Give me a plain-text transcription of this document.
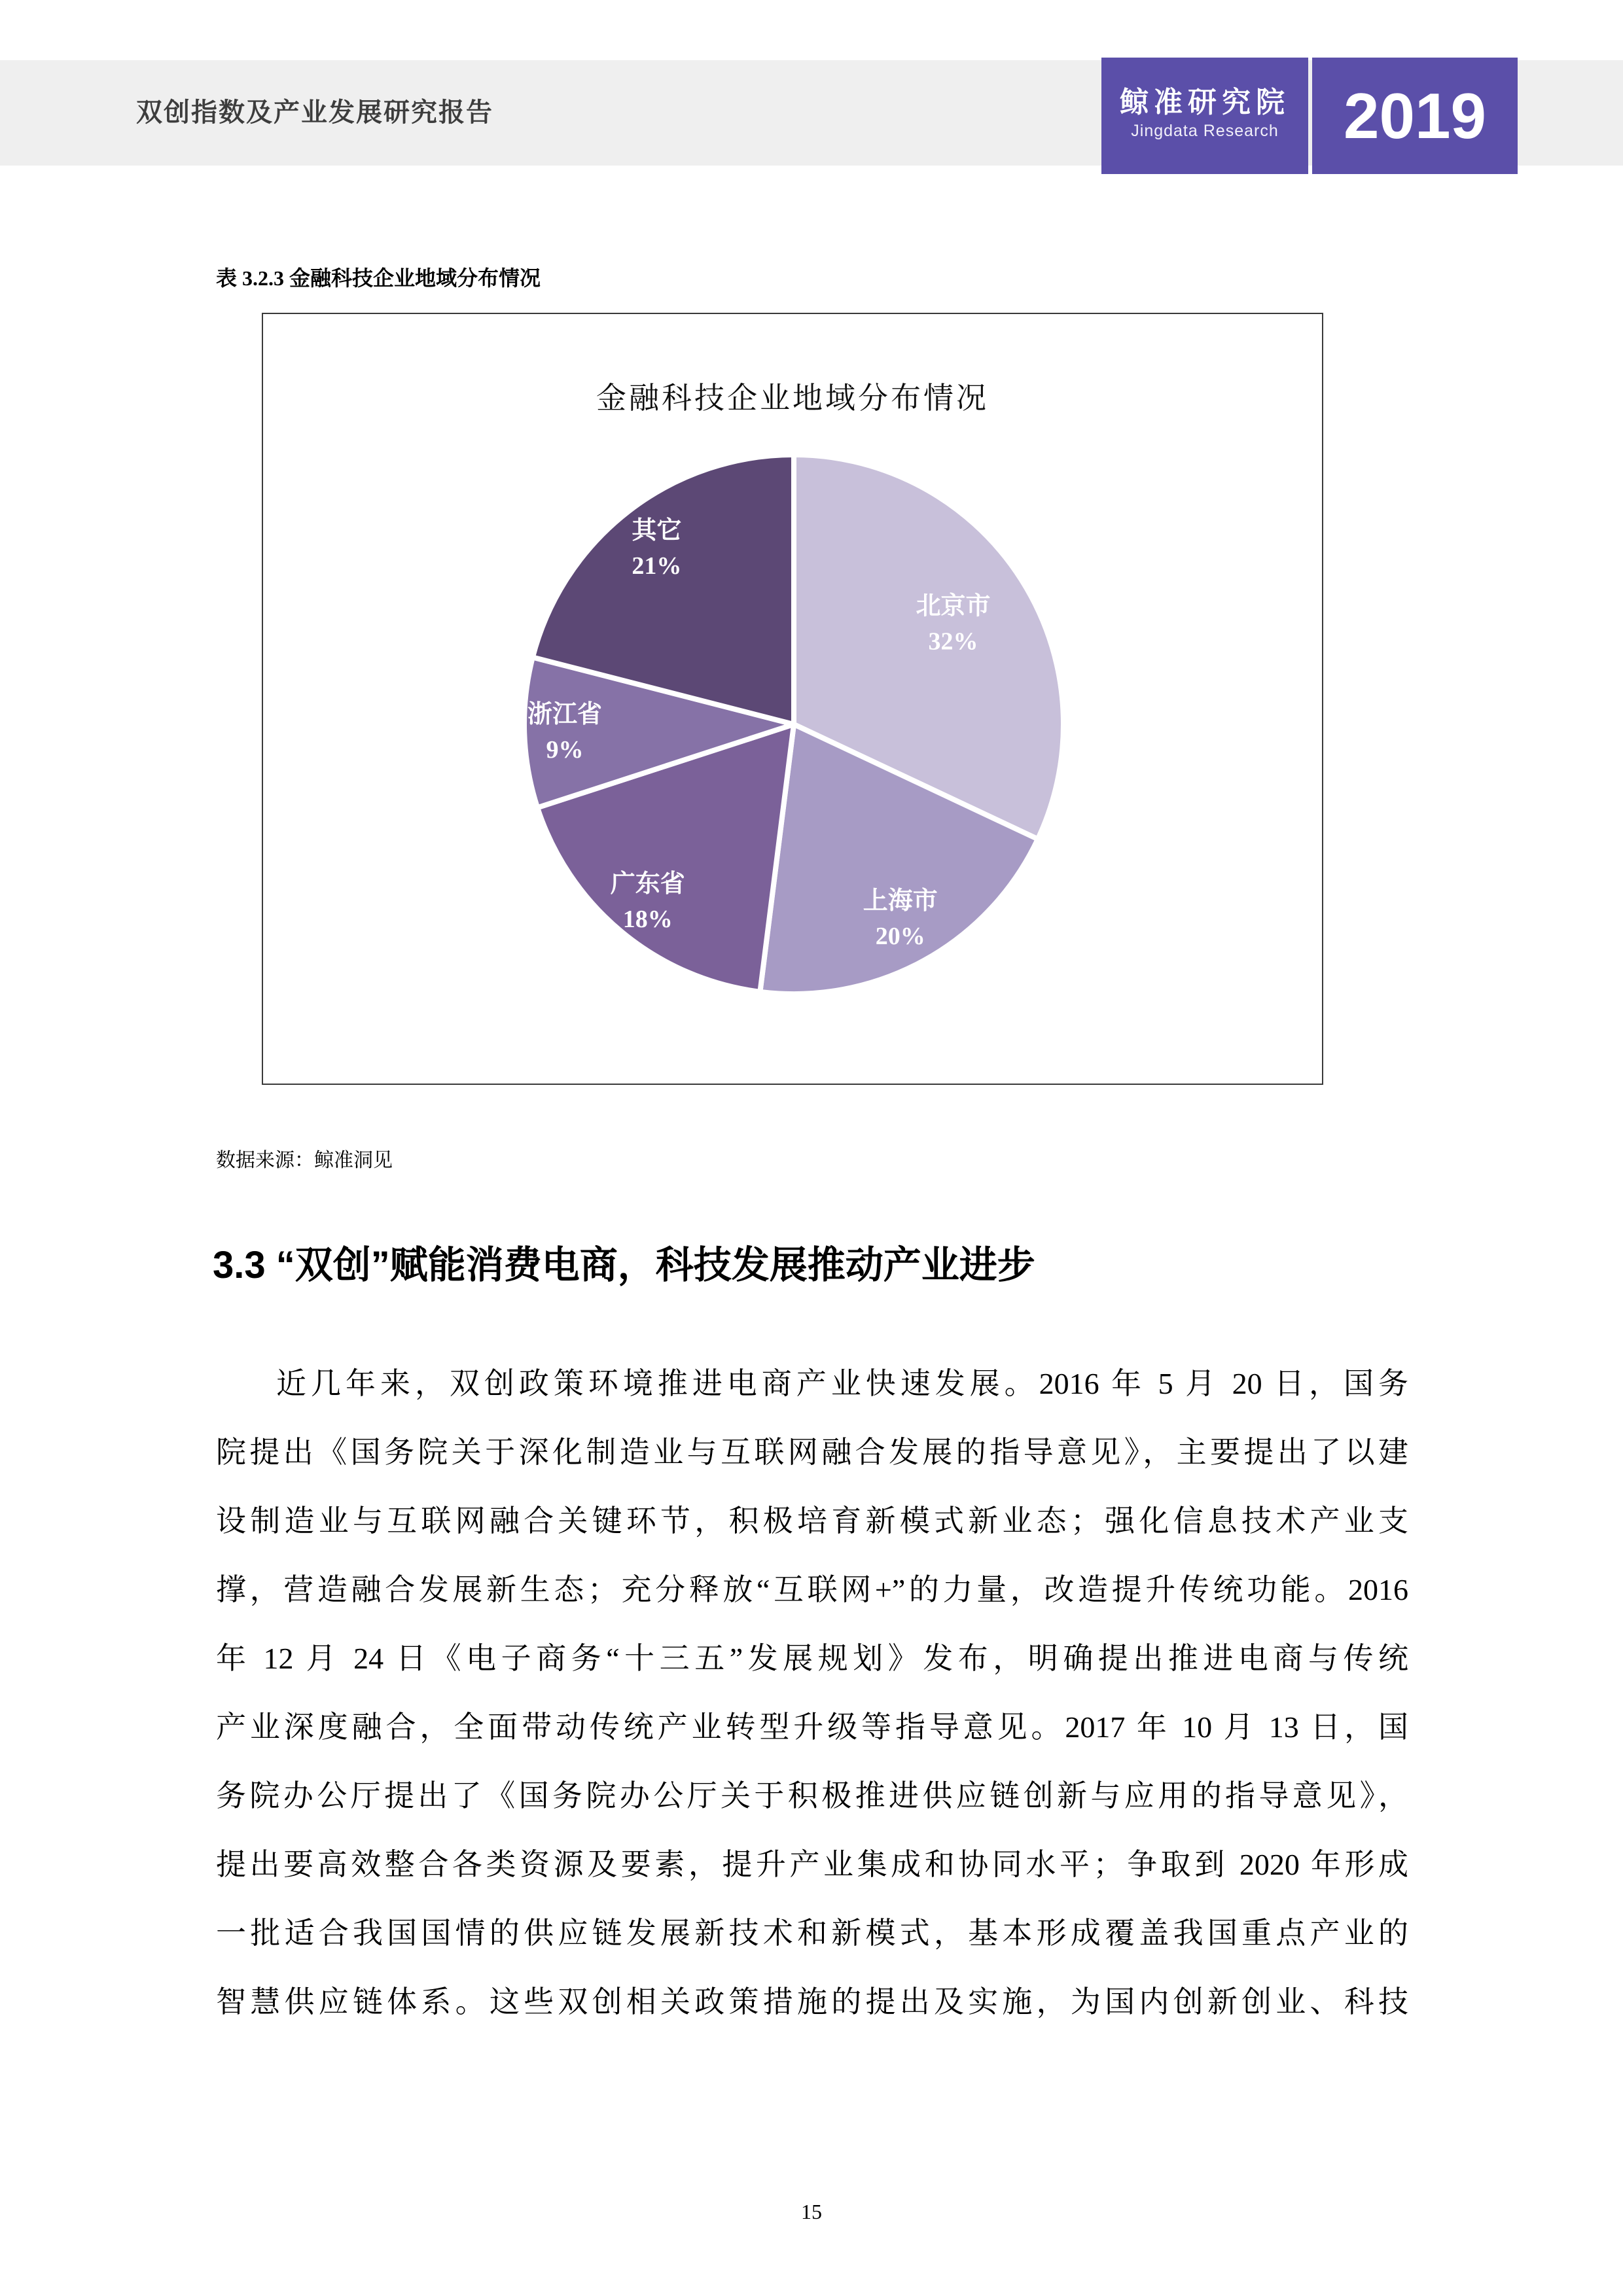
双创指数及产业发展研究报告	鲸准研究院
Jingdata Research	2019
表 3.2.3 金融科技企业地域分布情况
金融科技企业地域分布情况
北京市
32%
上海市
20%
广东省
18%
浙江省
9%
其它
21%
数据来源：鲸准洞见
3.3 “双创”赋能消费电商，科技发展推动产业进步
近几年来，双创政策环境推进电商产业快速发展。2016 年 5 月 20 日，国务
院提出《国务院关于深化制造业与互联网融合发展的指导意见》，主要提出了以建
设制造业与互联网融合关键环节，积极培育新模式新业态；强化信息技术产业支
撑，营造融合发展新生态；充分释放“互联网+”的力量，改造提升传统功能。2016
年 12 月 24 日《电子商务“十三五”发展规划》发布，明确提出推进电商与传统
产业深度融合，全面带动传统产业转型升级等指导意见。2017 年 10 月 13 日，国
务院办公厅提出了《国务院办公厅关于积极推进供应链创新与应用的指导意见》，
提出要高效整合各类资源及要素，提升产业集成和协同水平；争取到 2020 年形成
一批适合我国国情的供应链发展新技术和新模式，基本形成覆盖我国重点产业的
智慧供应链体系。这些双创相关政策措施的提出及实施，为国内创新创业、科技
15
